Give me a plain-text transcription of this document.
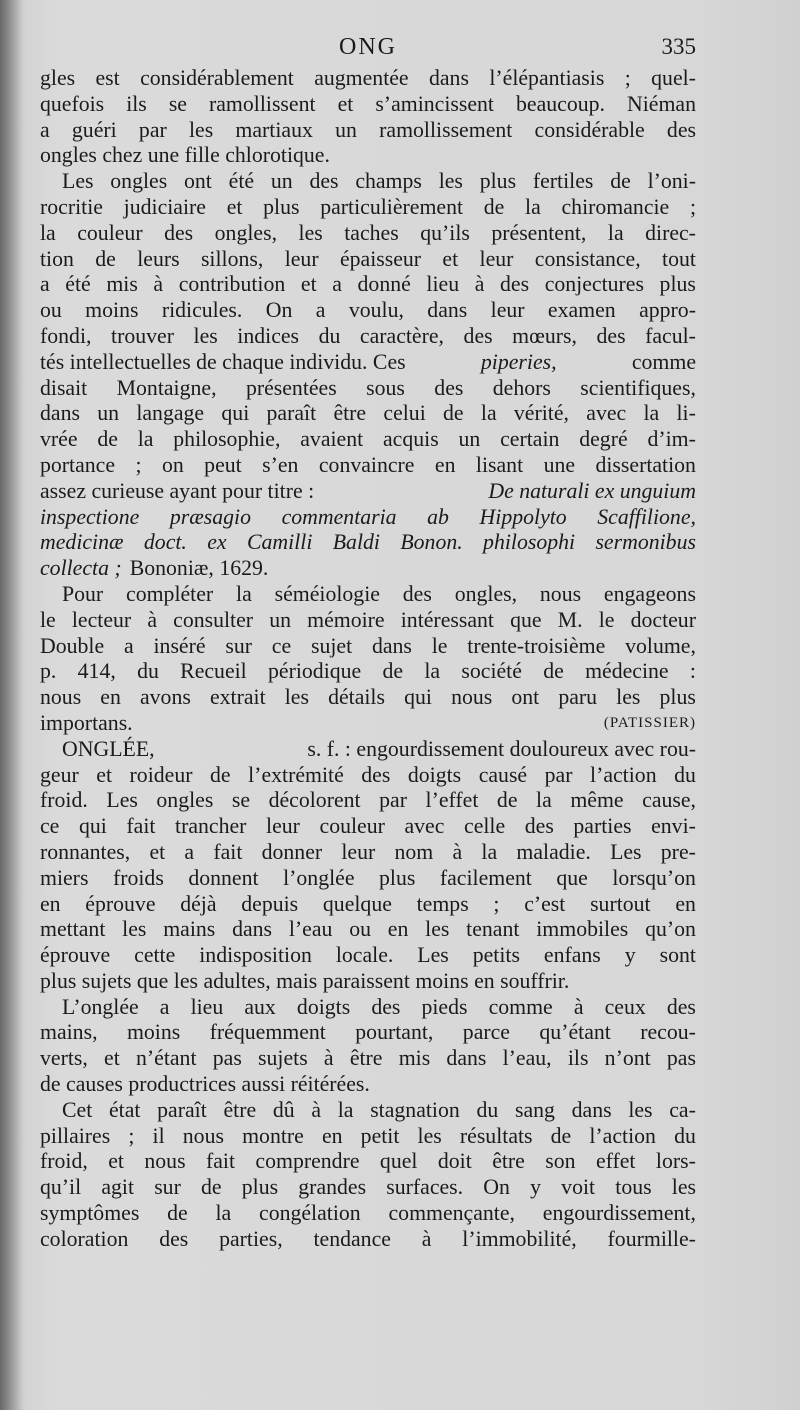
ONG	335
gles est considérablement augmentée dans l’élépantiasis ; quel-
quefois ils se ramollissent et s’amincissent beaucoup. Niéman
a guéri par les martiaux un ramollissement considérable des
ongles chez une fille chlorotique.
Les ongles ont été un des champs les plus fertiles de l’oni-
rocritie judiciaire et plus particulièrement de la chiromancie ;
la couleur des ongles, les taches qu’ils présentent, la direc-
tion de leurs sillons, leur épaisseur et leur consistance, tout
a été mis à contribution et a donné lieu à des conjectures plus
ou moins ridicules. On a voulu, dans leur examen appro-
fondi, trouver les indices du caractère, des mœurs, des facul-
tés intellectuelles de chaque individu. Ces	piperies,	comme
disait Montaigne, présentées sous des dehors scientifiques,
dans un langage qui paraît être celui de la vérité, avec la li-
vrée de la philosophie, avaient acquis un certain degré d’im-
portance ; on peut s’en convaincre en lisant une dissertation
assez curieuse ayant pour titre :	De naturali ex unguium
inspectione præsagio commentaria ab Hippolyto Scaffilione,
medicinæ doct. ex Camilli Baldi Bonon. philosophi sermonibus
collecta ; Bononiæ, 1629.
Pour compléter la séméiologie des ongles, nous engageons
le lecteur à consulter un mémoire intéressant que M. le docteur
Double a inséré sur ce sujet dans le trente-troisième volume,
p. 414, du Recueil périodique de la société de médecine :
nous en avons extrait les détails qui nous ont paru les plus
importans.	(PATISSIER)
ONGLÉE,	s. f. : engourdissement douloureux avec rou-
geur et roideur de l’extrémité des doigts causé par l’action du
froid. Les ongles se décolorent par l’effet de la même cause,
ce qui fait trancher leur couleur avec celle des parties envi-
ronnantes, et a fait donner leur nom à la maladie. Les pre-
miers froids donnent l’onglée plus facilement que lorsqu’on
en éprouve déjà depuis quelque temps ; c’est surtout en
mettant les mains dans l’eau ou en les tenant immobiles qu’on
éprouve cette indisposition locale. Les petits enfans y sont
plus sujets que les adultes, mais paraissent moins en souffrir.
L’onglée a lieu aux doigts des pieds comme à ceux des
mains, moins fréquemment pourtant, parce qu’étant recou-
verts, et n’étant pas sujets à être mis dans l’eau, ils n’ont pas
de causes productrices aussi réitérées.
Cet état paraît être dû à la stagnation du sang dans les ca-
pillaires ; il nous montre en petit les résultats de l’action du
froid, et nous fait comprendre quel doit être son effet lors-
qu’il agit sur de plus grandes surfaces. On y voit tous les
symptômes de la congélation commençante, engourdissement,
coloration des parties, tendance à l’immobilité, fourmille-
